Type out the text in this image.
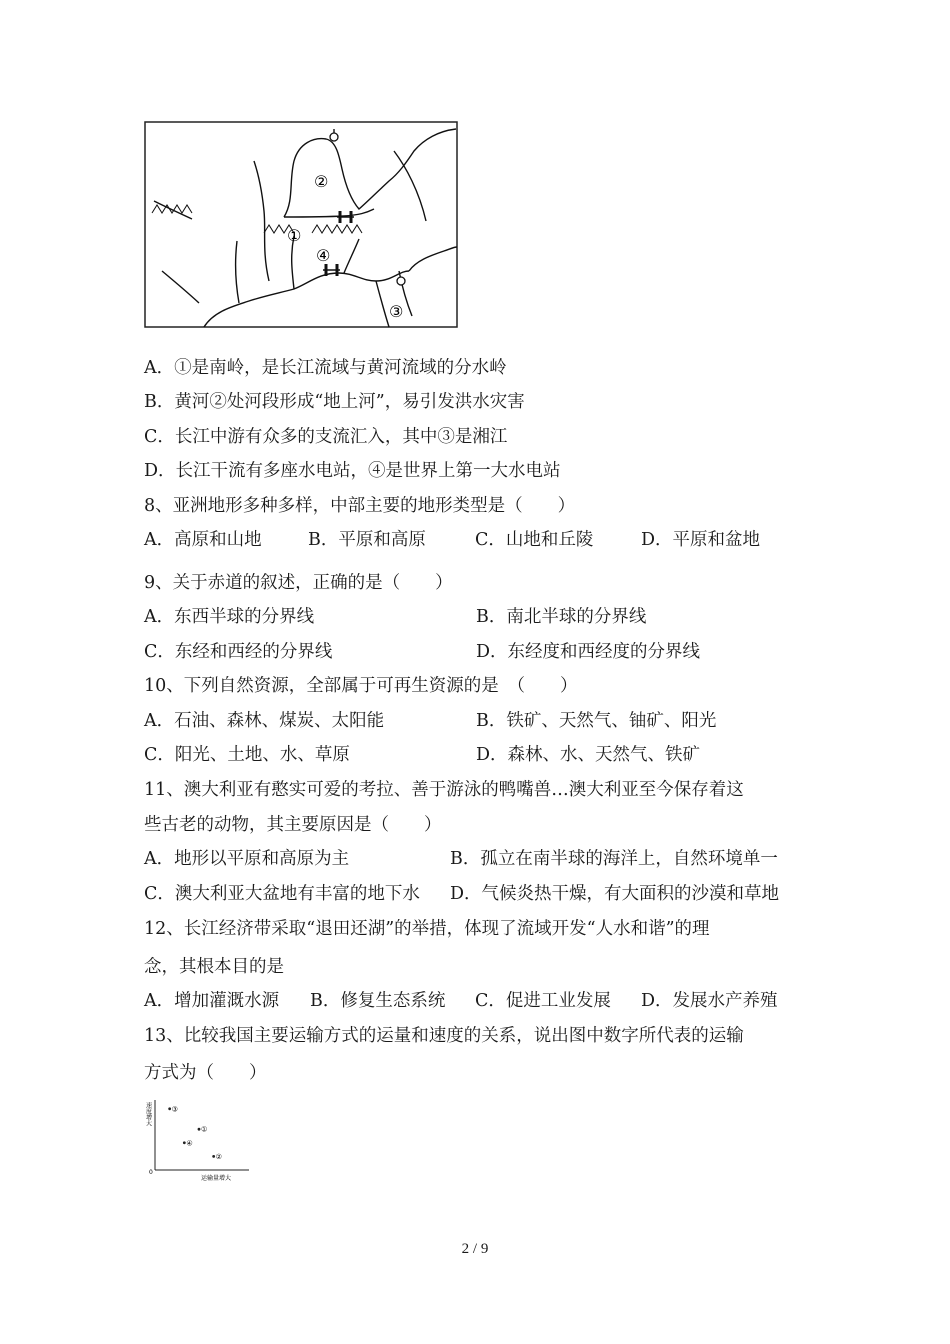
②
①
④
③
A．①是南岭，是长江流域与黄河流域的分水岭
B．黄河②处河段形成“地上河”，易引发洪水灾害
C．长江中游有众多的支流汇入，其中③是湘江
D．长江干流有多座水电站，④是世界上第一大水电站
8、亚洲地形多种多样，中部主要的地形类型是（　　）
A．高原和山地	B．平原和高原	C．山地和丘陵	D．平原和盆地
9、关于赤道的叙述，正确的是（　　）
A．东西半球的分界线	B．南北半球的分界线
C．东经和西经的分界线	D．东经度和西经度的分界线
10、下列自然资源，全部属于可再生资源的是　（　　）
A．石油、森林、煤炭、太阳能	B．铁矿、天然气、铀矿、阳光
C．阳光、土地、水、草原	D．森林、水、天然气、铁矿
11、澳大利亚有憨实可爱的考拉、善于游泳的鸭嘴兽…澳大利亚至今保存着这
些古老的动物，其主要原因是（　　）
A．地形以平原和高原为主	B．孤立在南半球的海洋上，自然环境单一
C．澳大利亚大盆地有丰富的地下水 D．气候炎热干燥，有大面积的沙漠和草地
12、长江经济带采取“退田还湖”的举措，体现了流域开发“人水和谐”的理
念，其根本目的是
A．增加灌溉水源 B．修复生态系统 C．促进工业发展 D．发展水产养殖
13、比较我国主要运输方式的运量和速度的关系，说出图中数字所代表的运输
方式为（　　）
速度增大
0
运输量增大
③
①
④
②
2 / 9
